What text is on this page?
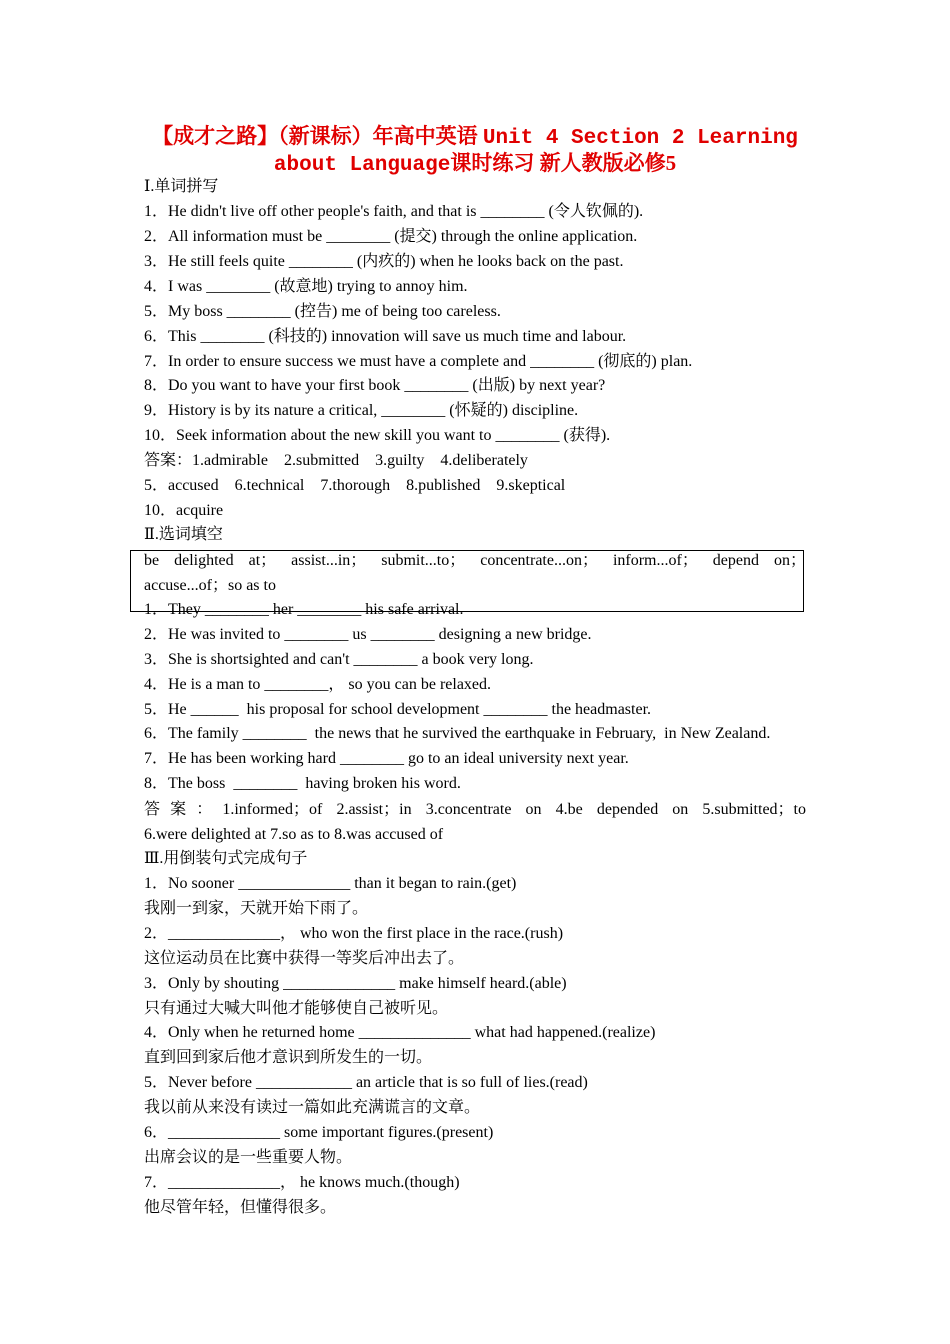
【成才之路】（新课标）年高中英语 Unit 4 Section 2 Learning
about Language课时练习 新人教版必修5
Ⅰ.单词拼写
1．He didn't live off other people's faith, and that is ________ (令人钦佩的).
2．All information must be ________ (提交) through the online application.
3．He still feels quite ________ (内疚的) when he looks back on the past.
4．I was ________ (故意地) trying to annoy him.
5．My boss ________ (控告) me of being too careless.
6．This ________ (科技的) innovation will save us much time and labour.
7．In order to ensure success we must have a complete and ________ (彻底的) plan.
8．Do you want to have your first book ________ (出版) by next year?
9．History is by its nature a critical, ________ (怀疑的) discipline.
10．Seek information about the new skill you want to ________ (获得).
答案：1.admirable    2.submitted    3.guilty    4.deliberately
5．accused    6.technical    7.thorough    8.published    9.skeptical
10．acquire
Ⅱ.选词填空
be delighted at； assist...in； submit...to； concentrate...on； inform...of； depend on；
accuse...of；so as to
1．They ________ her ________ his safe arrival.
2．He was invited to ________ us ________ designing a new bridge.
3．She is shortsighted and can't ________ a book very long.
4．He is a man to ________， so you can be relaxed.
5．He ______  his proposal for school development ________ the headmaster.
6．The family ________  the news that he survived the earthquake in February,  in New Zealand.
7．He has been working hard ________ go to an ideal university next year.
8．The boss  ________  having broken his word.
答案：1.informed；of 2.assist；in 3.concentrate on 4.be depended on 5.submitted；to
6.were delighted at 7.so as to 8.was accused of
Ⅲ.用倒装句式完成句子
1．No sooner ______________ than it began to rain.(get)
我刚一到家，天就开始下雨了。
2．______________， who won the first place in the race.(rush)
这位运动员在比赛中获得一等奖后冲出去了。
3．Only by shouting ______________ make himself heard.(able)
只有通过大喊大叫他才能够使自己被听见。
4．Only when he returned home ______________ what had happened.(realize)
直到回到家后他才意识到所发生的一切。
5．Never before ____________ an article that is so full of lies.(read)
我以前从来没有读过一篇如此充满谎言的文章。
6．______________ some important figures.(present)
出席会议的是一些重要人物。
7．______________， he knows much.(though)
他尽管年轻，但懂得很多。
